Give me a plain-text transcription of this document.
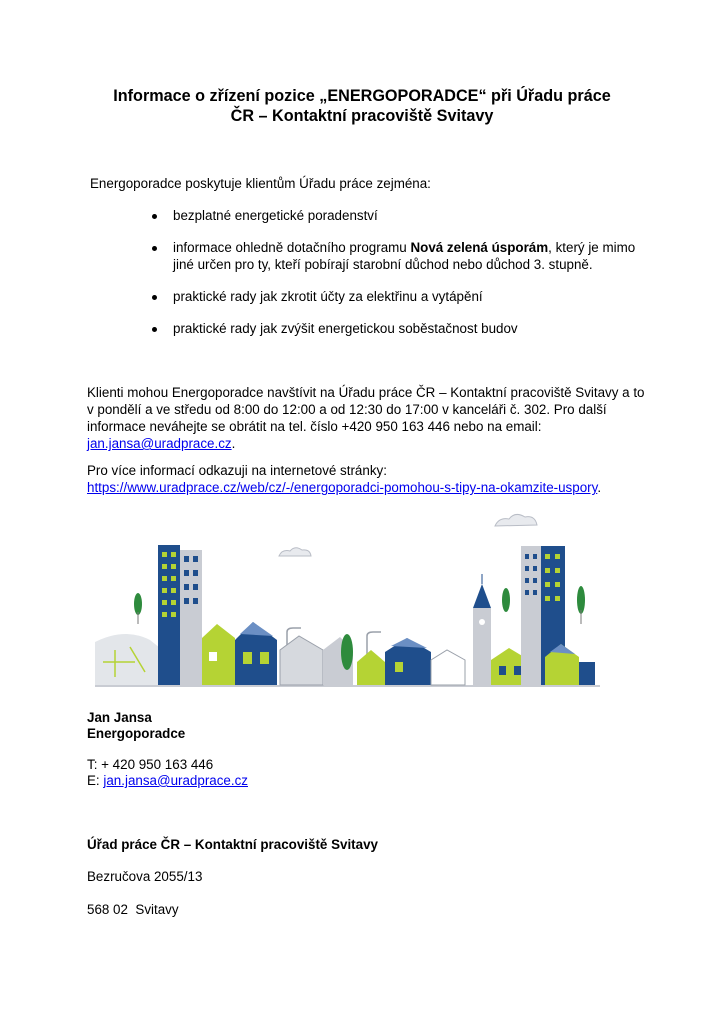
Informace o zřízení pozice „ENERGOPORADCE“ při Úřadu práce
ČR – Kontaktní pracoviště Svitavy
Energoporadce poskytuje klientům Úřadu práce zejména:
bezplatné energetické poradenství
informace ohledně dotačního programu Nová zelená úsporám, který je mimo jiné určen pro ty, kteří pobírají starobní důchod nebo důchod 3. stupně.
praktické rady jak zkrotit účty za elektřinu a vytápění
praktické rady jak zvýšit energetickou soběstačnost budov
Klienti mohou Energoporadce navštívit na Úřadu práce ČR – Kontaktní pracoviště Svitavy a to v pondělí a ve středu od 8:00 do 12:00 a od 12:30 do 17:00 v kanceláři č. 302. Pro další informace neváhejte se obrátit na tel. číslo +420 950 163 446 nebo na email: jan.jansa@uradprace.cz.
Pro více informací odkazuji na internetové stránky: https://www.uradprace.cz/web/cz/-/energoporadci-pomohou-s-tipy-na-okamzite-uspory.
Jan Jansa
Energoporadce
T: + 420 950 163 446
E: jan.jansa@uradprace.cz
Úřad práce ČR – Kontaktní pracoviště Svitavy
Bezručova 2055/13
568 02  Svitavy
